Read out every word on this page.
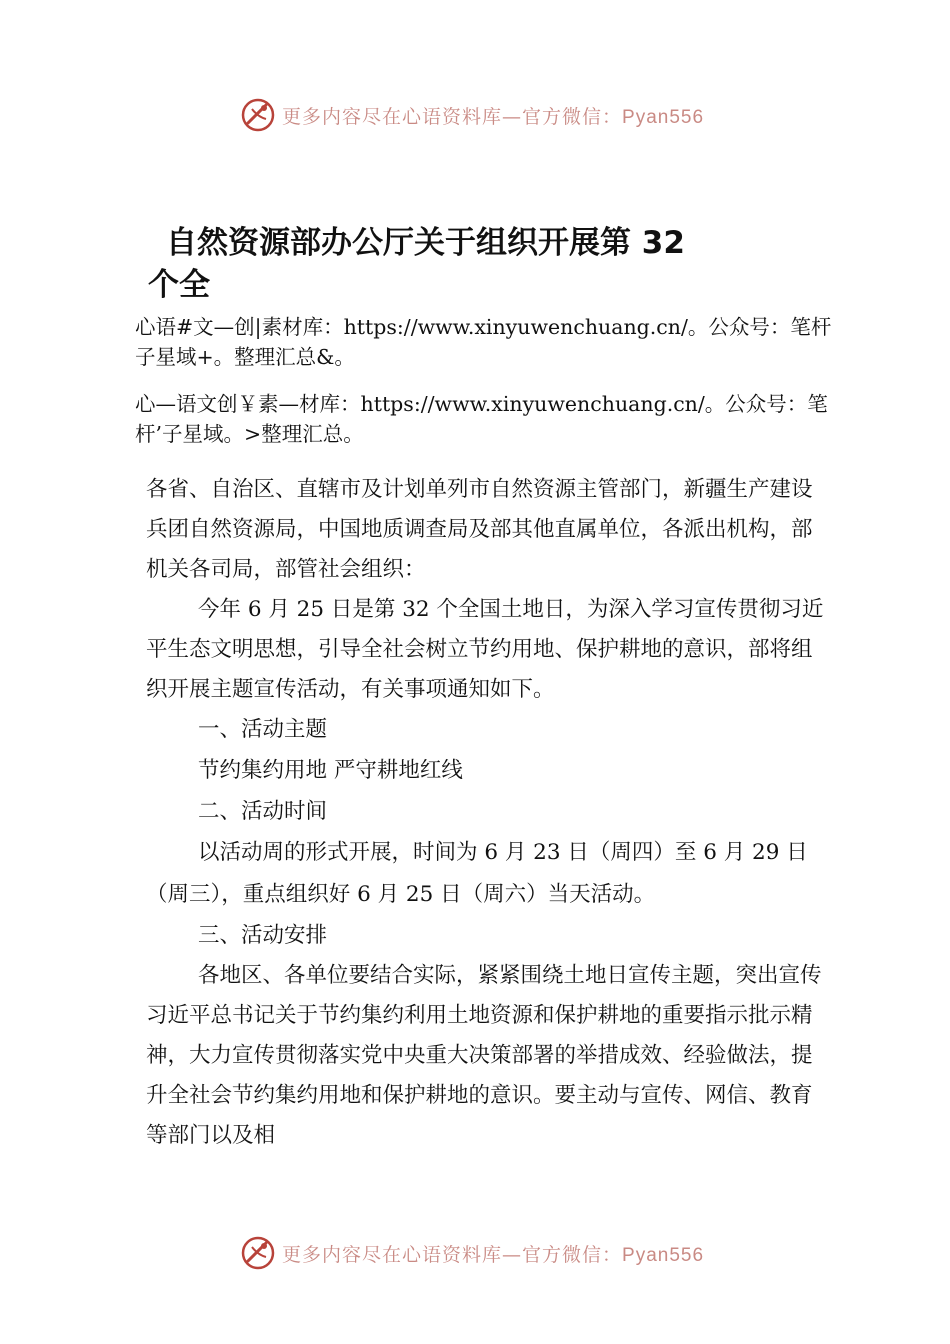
更多内容尽在心语资料库—官方微信：Pyan556
自然资源部办公厅关于组织开展第 32
个全
心语#文—创|素材库：https://www.xinyuwenchuang.cn/。公众号：笔杆子星域+。整理汇总&。
心—语文创￥素—材库：https://www.xinyuwenchuang.cn/。公众号：笔杆’子星域。>整理汇总。

各省、自治区、直辖市及计划单列市自然资源主管部门，新疆生产建设兵团自然资源局，中国地质调查局及部其他直属单位，各派出机构，部机关各司局，部管社会组织：

今年 6 月 25 日是第 32 个全国土地日，为深入学习宣传贯彻习近平生态文明思想，引导全社会树立节约用地、保护耕地的意识，部将组织开展主题宣传活动，有关事项通知如下。

一、活动主题

节约集约用地 严守耕地红线

二、活动时间

以活动周的形式开展，时间为 6 月 23 日（周四）至 6 月 29 日（周三），重点组织好 6 月 25 日（周六）当天活动。

三、活动安排

各地区、各单位要结合实际，紧紧围绕土地日宣传主题，突出宣传习近平总书记关于节约集约利用土地资源和保护耕地的重要指示批示精神，大力宣传贯彻落实党中央重大决策部署的举措成效、经验做法，提升全社会节约集约用地和保护耕地的意识。要主动与宣传、网信、教育等部门以及相

更多内容尽在心语资料库—官方微信：Pyan556
